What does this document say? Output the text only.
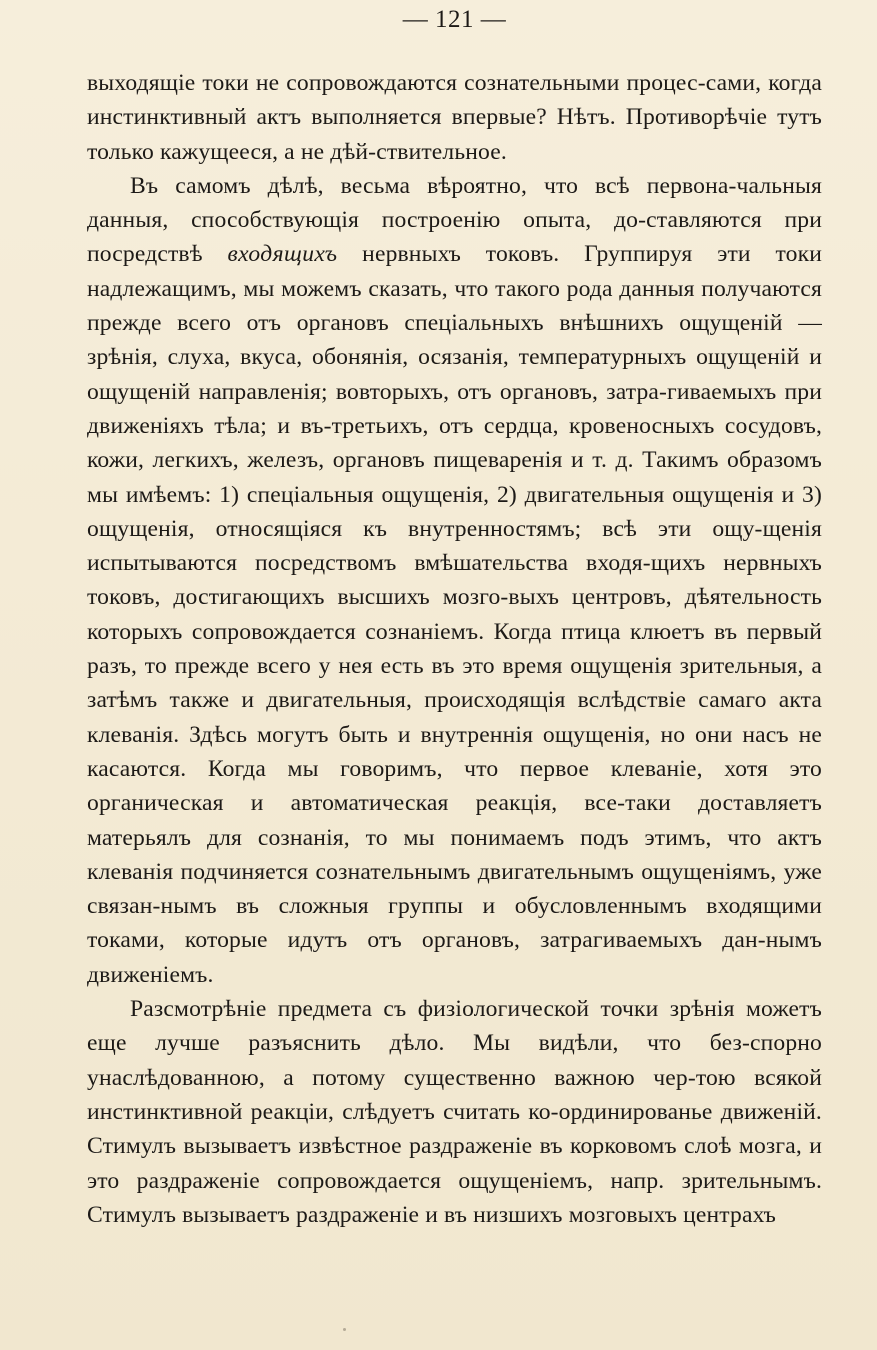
— 121 —

выходящіе токи не сопровождаются сознательными процес-сами, когда инстинктивный актъ выполняется впервые? Нѣтъ. Противорѣчіе тутъ только кажущееся, а не дѣй-ствительное.

Въ самомъ дѣлѣ, весьма вѣроятно, что всѣ первона-чальныя данныя, способствующія построенію опыта, до-ставляются при посредствѣ входящихъ нервныхъ токовъ. Группируя эти токи надлежащимъ, мы можемъ сказать, что такого рода данныя получаются прежде всего отъ органовъ спеціальныхъ внѣшнихъ ощущеній — зрѣнія, слуха, вкуса, обонянія, осязанія, температурныхъ ощущеній и ощущеній направленія; вовторыхъ, отъ органовъ, затра-гиваемыхъ при движеніяхъ тѣла; и въ-третьихъ, отъ сердца, кровеносныхъ сосудовъ, кожи, легкихъ, железъ, органовъ пищеваренія и т. д. Такимъ образомъ мы имѣемъ: 1) спеціальныя ощущенія, 2) двигательныя ощущенія и 3) ощущенія, относящіяся къ внутренностямъ; всѣ эти ощу-щенія испытываются посредствомъ вмѣшательства входя-щихъ нервныхъ токовъ, достигающихъ высшихъ мозго-выхъ центровъ, дѣятельность которыхъ сопровождается сознаніемъ. Когда птица клюетъ въ первый разъ, то прежде всего у нея есть въ это время ощущенія зрительныя, а затѣмъ также и двигательныя, происходящія вслѣдствіе самаго акта клеванія. Здѣсь могутъ быть и внутреннія ощущенія, но они насъ не касаются. Когда мы говоримъ, что первое клеваніе, хотя это органическая и автоматическая реакція, все-таки доставляетъ матерьялъ для сознанія, то мы понимаемъ подъ этимъ, что актъ клеванія подчиняется сознательнымъ двигательнымъ ощущеніямъ, уже связан-нымъ въ сложныя группы и обусловленнымъ входящими токами, которые идутъ отъ органовъ, затрагиваемыхъ дан-нымъ движеніемъ.

Разсмотрѣніе предмета съ физіологической точки зрѣнія можетъ еще лучше разъяснить дѣло. Мы видѣли, что без-спорно унаслѣдованною, а потому существенно важною чер-тою всякой инстинктивной реакціи, слѣдуетъ считать ко-ординированье движеній. Стимулъ вызываетъ извѣстное раздраженіе въ корковомъ слоѣ мозга, и это раздраженіе сопровождается ощущеніемъ, напр. зрительнымъ. Стимулъ вызываетъ раздраженіе и въ низшихъ мозговыхъ центрахъ
